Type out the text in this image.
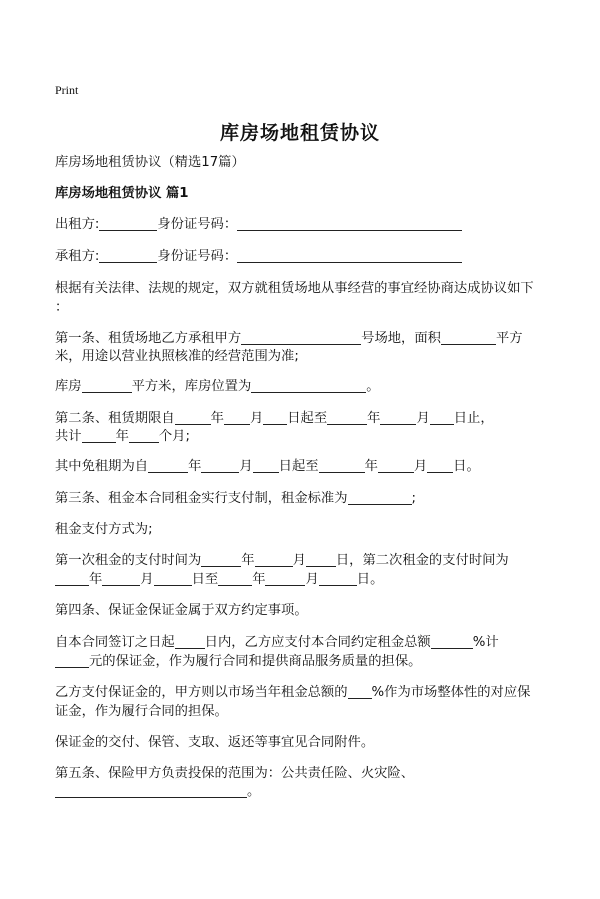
Print
库房场地租赁协议
库房场地租赁协议（精选17篇）
库房场地租赁协议 篇1
出租方:	身份证号码：
承租方:	身份证号码：
根据有关法律、法规的规定，双方就租赁场地从事经营的事宜经协商达成协议如下
：
第一条、租赁场地乙方承租甲方	号场地，面积	平方
米，用途以营业执照核准的经营范围为准;
库房	平方米，库房位置为	。
第二条、租赁期限自	年 月 日起至	年	月 日止，
共计	年 个月;
其中免租期为自	年	月 日起至	年	月 日。
第三条、租金本合同租金实行支付制，租金标准为	;
租金支付方式为;
第一次租金的支付时间为	年	月 日，第二次租金的支付时间为
年	月	日至	年	月	日。
第四条、保证金保证金属于双方约定事项。
自本合同签订之日起 日内，乙方应支付本合同约定租金总额	%计
元的保证金，作为履行合同和提供商品服务质量的担保。
乙方支付保证金的，甲方则以市场当年租金总额的 %作为市场整体性的对应保
证金，作为履行合同的担保。
保证金的交付、保管、支取、返还等事宜见合同附件。
第五条、保险甲方负责投保的范围为：公共责任险、火灾险、
。
